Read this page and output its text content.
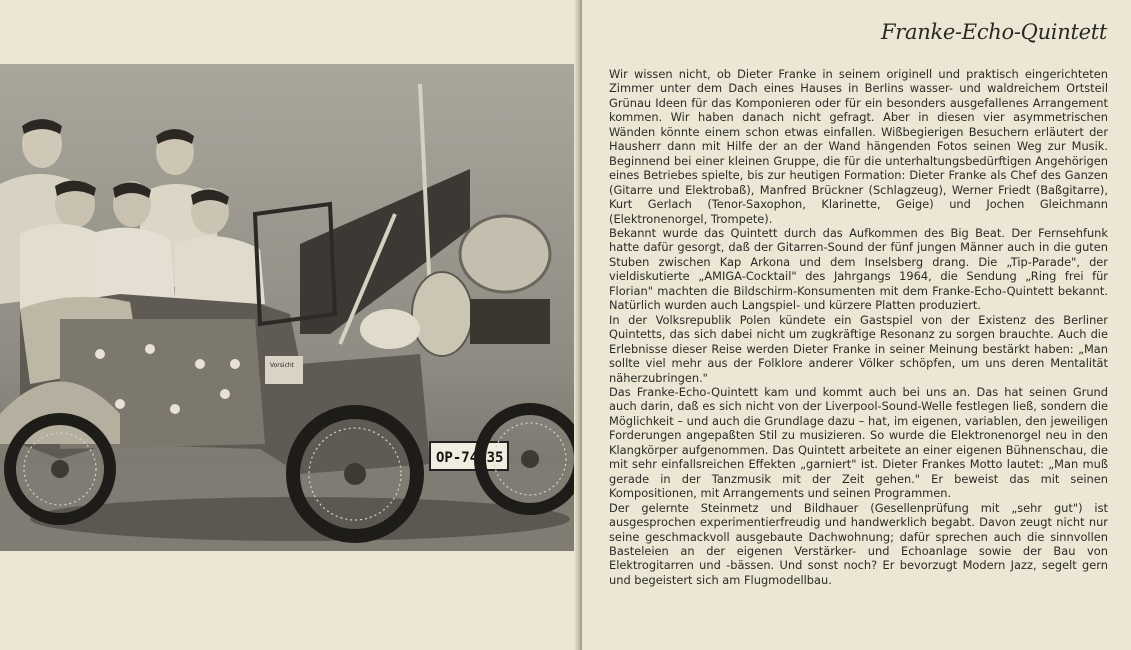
Vorsicht
OP-74-35
Franke-Echo-Quintett

Wir wissen nicht, ob Dieter Franke in seinem originell und praktisch eingerichteten Zimmer unter dem Dach eines Hauses in Berlins wasser- und waldreichem Ortsteil Grünau Ideen für das Komponieren oder für ein besonders ausgefallenes Arrangement kommen. Wir haben danach nicht gefragt. Aber in diesen vier asymmetrischen Wänden könnte einem schon etwas einfallen. Wißbegierigen Besuchern erläutert der Hausherr dann mit Hilfe der an der Wand hängenden Fotos seinen Weg zur Musik. Beginnend bei einer kleinen Gruppe, die für die unterhaltungsbedürftigen Angehörigen eines Betriebes spielte, bis zur heutigen Formation: Dieter Franke als Chef des Ganzen (Gitarre und Elektrobaß), Manfred Brückner (Schlagzeug), Werner Friedt (Baßgitarre), Kurt Gerlach (Tenor-Saxophon, Klarinette, Geige) und Jochen Gleichmann (Elektronenorgel, Trompete).

Bekannt wurde das Quintett durch das Aufkommen des Big Beat. Der Fernsehfunk hatte dafür gesorgt, daß der Gitarren-Sound der fünf jungen Männer auch in die guten Stuben zwischen Kap Arkona und dem Inselsberg drang. Die „Tip-Parade", der vieldiskutierte „AMIGA-Cocktail" des Jahrgangs 1964, die Sendung „Ring frei für Florian" machten die Bildschirm-Konsumenten mit dem Franke-Echo-Quintett bekannt. Natürlich wurden auch Langspiel- und kürzere Platten produziert.

In der Volksrepublik Polen kündete ein Gastspiel von der Existenz des Berliner Quintetts, das sich dabei nicht um zugkräftige Resonanz zu sorgen brauchte. Auch die Erlebnisse dieser Reise werden Dieter Franke in seiner Meinung bestärkt haben: „Man sollte viel mehr aus der Folklore anderer Völker schöpfen, um uns deren Mentalität näherzubringen."

Das Franke-Echo-Quintett kam und kommt auch bei uns an. Das hat seinen Grund auch darin, daß es sich nicht von der Liverpool-Sound-Welle festlegen ließ, sondern die Möglichkeit – und auch die Grundlage dazu – hat, im eigenen, variablen, den jeweiligen Forderungen angepaßten Stil zu musizieren. So wurde die Elektronenorgel neu in den Klangkörper aufgenommen. Das Quintett arbeitete an einer eigenen Bühnenschau, die mit sehr einfallsreichen Effekten „garniert" ist. Dieter Frankes Motto lautet: „Man muß gerade in der Tanzmusik mit der Zeit gehen." Er beweist das mit seinen Kompositionen, mit Arrangements und seinen Programmen.

Der gelernte Steinmetz und Bildhauer (Gesellenprüfung mit „sehr gut") ist ausgesprochen experimentierfreudig und handwerklich begabt. Davon zeugt nicht nur seine geschmackvoll ausgebaute Dachwohnung; dafür sprechen auch die sinnvollen Basteleien an der eigenen Verstärker- und Echoanlage sowie der Bau von Elektrogitarren und -bässen. Und sonst noch? Er bevorzugt Modern Jazz, segelt gern und begeistert sich am Flugmodellbau.
